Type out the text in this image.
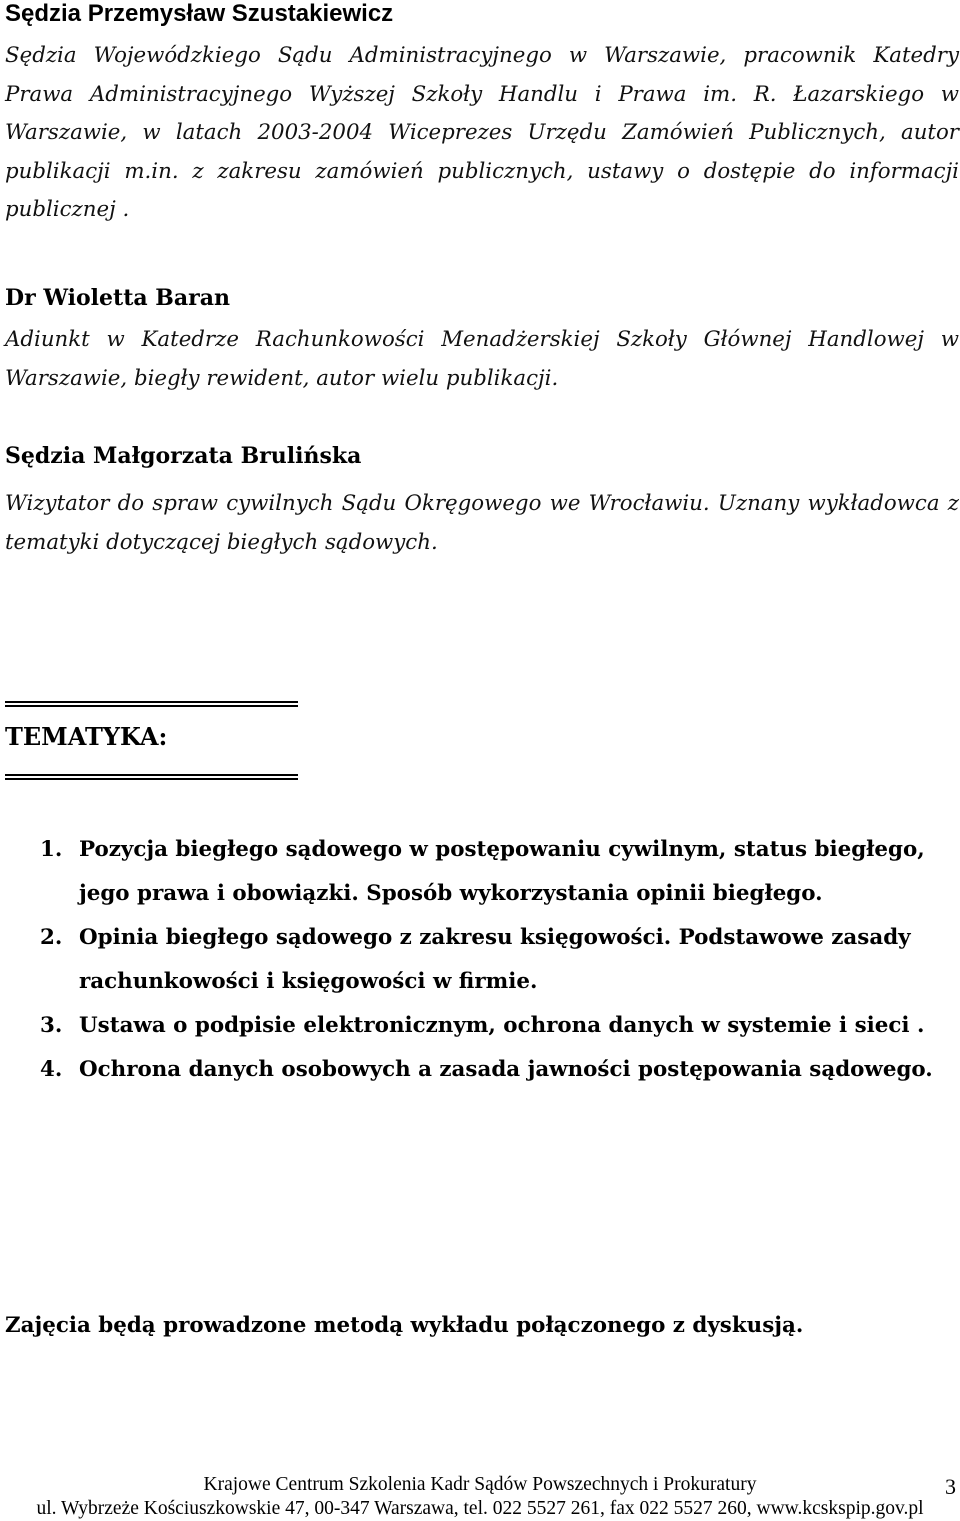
Sędzia Przemysław Szustakiewicz

Sędzia Wojewódzkiego Sądu Administracyjnego w Warszawie, pracownik Katedry Prawa Administracyjnego Wyższej Szkoły Handlu i Prawa im. R. Łazarskiego w Warszawie, w latach 2003-2004 Wiceprezes Urzędu Zamówień Publicznych, autor publikacji m.in. z zakresu zamówień publicznych, ustawy o dostępie do informacji publicznej .

Dr Wioletta Baran

Adiunkt w Katedrze Rachunkowości Menadżerskiej Szkoły Głównej Handlowej w Warszawie, biegły rewident, autor wielu publikacji.

Sędzia Małgorzata Brulińska

Wizytator do spraw cywilnych Sądu Okręgowego we Wrocławiu. Uznany wykładowca z tematyki dotyczącej biegłych sądowych.

TEMATYKA:
1. Pozycja biegłego sądowego w postępowaniu cywilnym, status biegłego, jego prawa i obowiązki. Sposób wykorzystania opinii biegłego.
2. Opinia biegłego sądowego z zakresu księgowości. Podstawowe zasady rachunkowości i księgowości w firmie.
3. Ustawa o podpisie elektronicznym, ochrona danych w systemie i sieci .
4. Ochrona danych osobowych a zasada jawności postępowania sądowego.

Zajęcia będą prowadzone metodą wykładu połączonego z dyskusją.

Krajowe Centrum Szkolenia Kadr Sądów Powszechnych i Prokuratury
ul. Wybrzeże Kościuszkowskie 47, 00-347 Warszawa, tel. 022 5527 261, fax 022 5527 260, www.kcskspip.gov.pl
3
